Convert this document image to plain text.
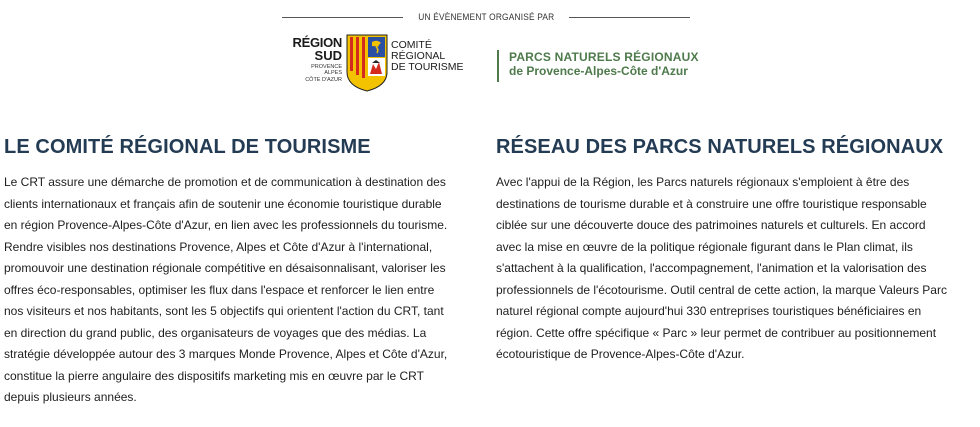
UN ÉVÈNEMENT ORGANISÉ PAR
RÉGION
SUD
PROVENCE
ALPES
CÔTE D'AZUR
COMITÉ
RÉGIONAL
DE TOURISME
PARCS NATURELS RÉGIONAUX
de Provence-Alpes-Côte d'Azur
LE COMITÉ RÉGIONAL DE TOURISME

Le CRT assure une démarche de promotion et de communication à destination des
clients internationaux et français afin de soutenir une économie touristique durable
en région Provence-Alpes-Côte d'Azur, en lien avec les professionnels du tourisme.
Rendre visibles nos destinations Provence, Alpes et Côte d'Azur à l'international,
promouvoir une destination régionale compétitive en désaisonnalisant, valoriser les
offres éco-responsables, optimiser les flux dans l'espace et renforcer le lien entre
nos visiteurs et nos habitants, sont les 5 objectifs qui orientent l'action du CRT, tant
en direction du grand public, des organisateurs de voyages que des médias. La
stratégie développée autour des 3 marques Monde Provence, Alpes et Côte d'Azur,
constitue la pierre angulaire des dispositifs marketing mis en œuvre par le CRT
depuis plusieurs années.

RÉSEAU DES PARCS NATURELS RÉGIONAUX

Avec l'appui de la Région, les Parcs naturels régionaux s'emploient à être des
destinations de tourisme durable et à construire une offre touristique responsable
ciblée sur une découverte douce des patrimoines naturels et culturels. En accord
avec la mise en œuvre de la politique régionale figurant dans le Plan climat, ils
s'attachent à la qualification, l'accompagnement, l'animation et la valorisation des
professionnels de l'écotourisme. Outil central de cette action, la marque Valeurs Parc
naturel régional compte aujourd'hui 330 entreprises touristiques bénéficiaires en
région. Cette offre spécifique « Parc » leur permet de contribuer au positionnement
écotouristique de Provence-Alpes-Côte d'Azur.
